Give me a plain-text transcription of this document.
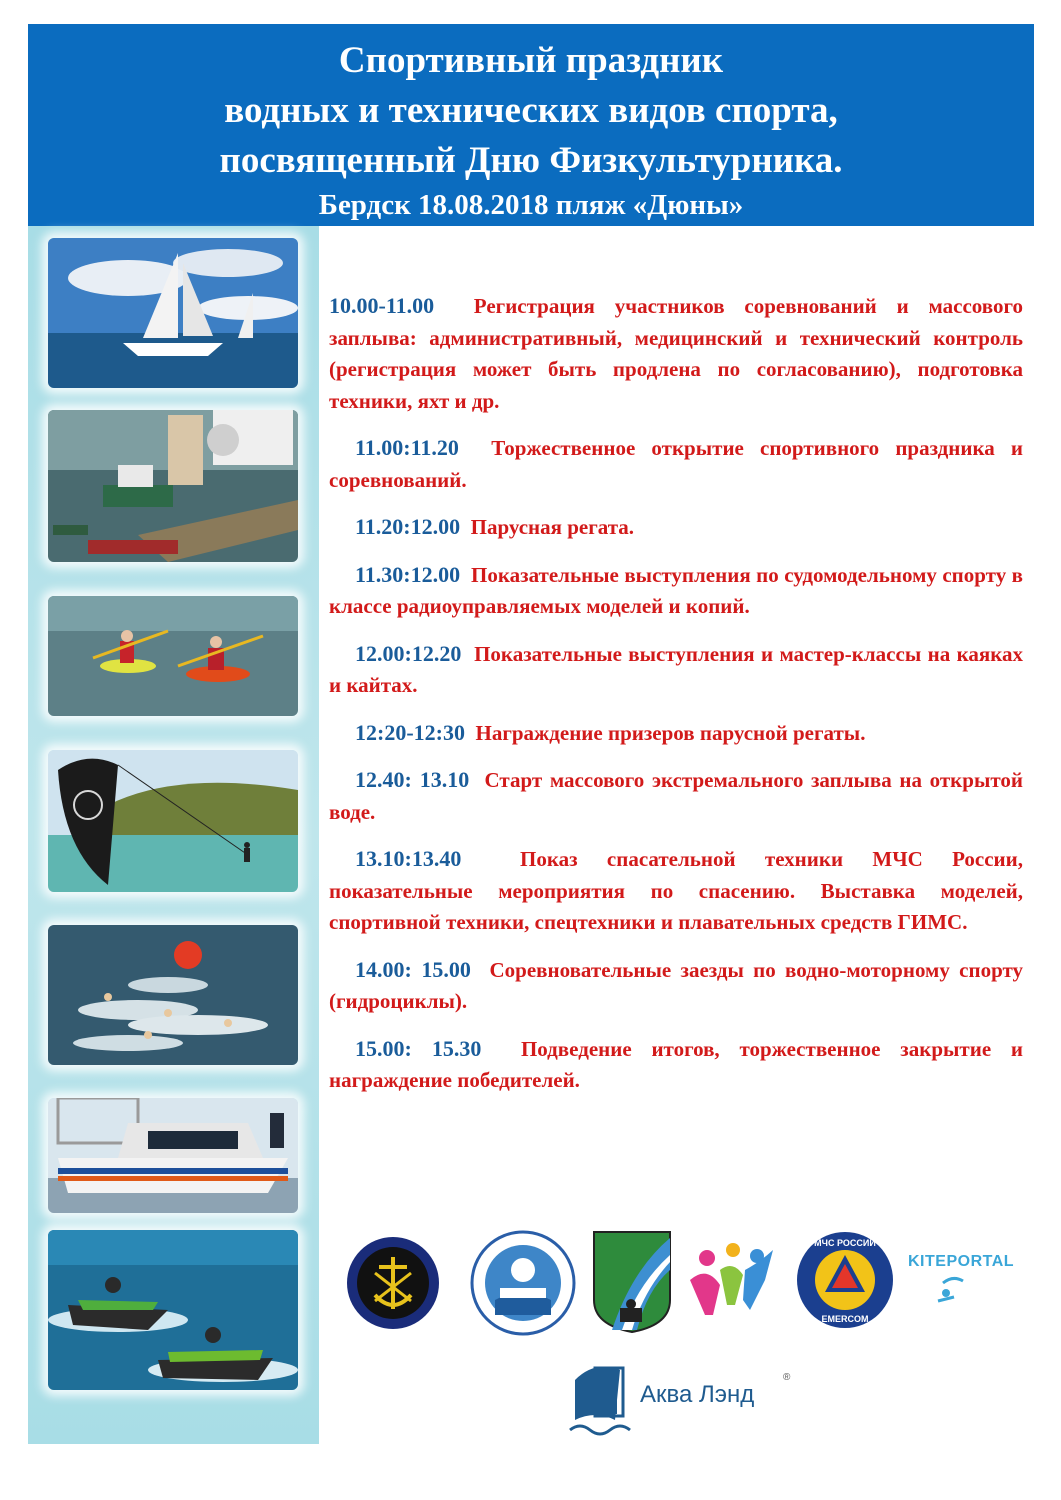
Спортивный праздник
водных и технических видов спорта,
посвященный Дню Физкультурника.
Бердск 18.08.2018 пляж «Дюны»
10.00-11.00 Регистрация участников соревнований и массового заплыва: административный, медицинский и технический контроль (регистрация может быть продлена по согласованию), подготовка техники, яхт и др.
11.00:11.20 Торжественное открытие спортивного праздника и соревнований.
11.20:12.00 Парусная регата.
11.30:12.00 Показательные выступления по судомодельному спорту в классе радиоуправляемых моделей и копий.
12.00:12.20 Показательные выступления и мастер-классы на каяках и кайтах.
12:20-12:30 Награждение призеров парусной регаты.
12.40: 13.10 Старт массового экстремального заплыва на открытой воде.
13.10:13.40	Показ спасательной техники МЧС России, показательные мероприятия по спасению. Выставка моделей, спортивной техники, спецтехники и плавательных средств ГИМС.
14.00: 15.00 Соревновательные заезды по водно-моторному спорту (гидроциклы).
15.00: 15.30 Подведение итогов, торжественное закрытие и награждение победителей.
МЧС РОССИИ
EMERCOM
KITEPORTAL
Аква Лэнд
®
